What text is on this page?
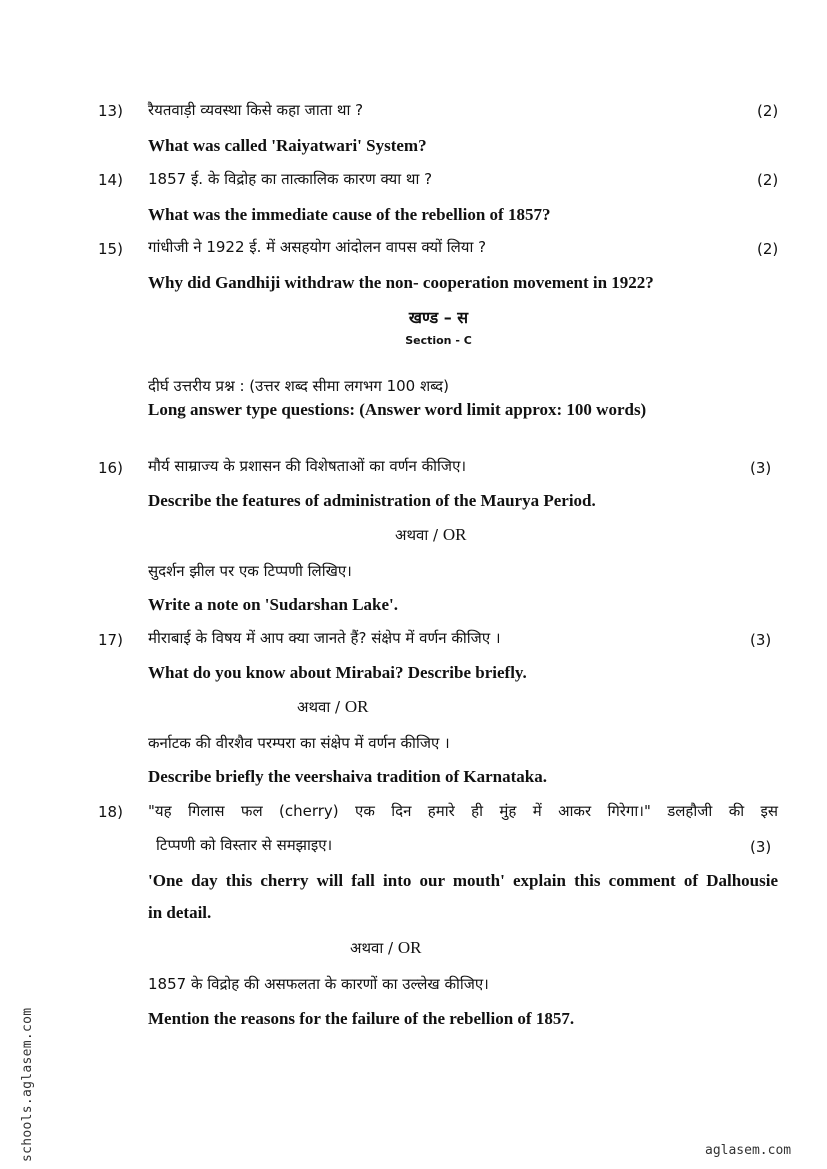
13) रैयतवाड़ी व्यवस्था किसे कहा जाता था ?	(2)
What was called 'Raiyatwari' System?
14) 1857 ई. के विद्रोह का तात्कालिक कारण क्या था ?	(2)
What was the immediate cause of the rebellion of 1857?
15) गांधीजी ने 1922 ई. में असहयोग आंदोलन वापस क्यों लिया ?	(2)
Why did Gandhiji withdraw the non- cooperation movement in 1922?
खण्ड – स
Section - C
दीर्घ उत्तरीय प्रश्न : (उत्तर शब्द सीमा लगभग 100 शब्द)
Long answer type questions: (Answer word limit approx: 100 words)
16) मौर्य साम्राज्य के प्रशासन की विशेषताओं का वर्णन कीजिए।	(3)
Describe the features of administration of the Maurya Period.
अथवा / OR
सुदर्शन झील पर एक टिप्पणी लिखिए।
Write a note on 'Sudarshan Lake'.
17) मीराबाई के विषय में आप क्या जानते हैं? संक्षेप में वर्णन कीजिए ।	(3)
What do you know about Mirabai? Describe briefly.
अथवा / OR
कर्नाटक की वीरशैव परम्परा का संक्षेप में वर्णन कीजिए ।
Describe briefly the veershaiva tradition of Karnataka.
18) "यह गिलास फल (cherry) एक दिन हमारे ही मुंह में आकर गिरेगा।" डलहौजी की इस
टिप्पणी को विस्तार से समझाइए।	(3)
'One day this cherry will fall into our mouth' explain this comment of Dalhousie
in detail.
अथवा / OR
1857 के विद्रोह की असफलता के कारणों का उल्लेख कीजिए।
Mention the reasons for the failure of the rebellion of 1857.
schools.aglasem.com	aglasem.com
